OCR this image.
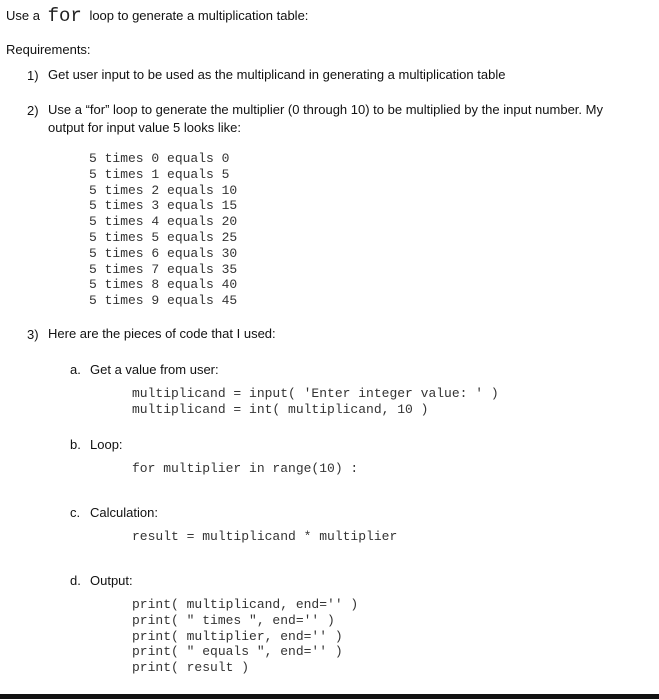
Use a for loop to generate a multiplication table:
Requirements:
1) Get user input to be used as the multiplicand in generating a multiplication table
2) Use a “for” loop to generate the multiplier (0 through 10) to be multiplied by the input number. My
output for input value 5 looks like:
5 times 0 equals 0
5 times 1 equals 5
5 times 2 equals 10
5 times 3 equals 15
5 times 4 equals 20
5 times 5 equals 25
5 times 6 equals 30
5 times 7 equals 35
5 times 8 equals 40
5 times 9 equals 45
3) Here are the pieces of code that I used:
a. Get a value from user:
multiplicand = input( 'Enter integer value: ' )
multiplicand = int( multiplicand, 10 )
b. Loop:
for multiplier in range(10) :
c. Calculation:
result = multiplicand * multiplier
d. Output:
print( multiplicand, end='' )
print( " times ", end='' )
print( multiplier, end='' )
print( " equals ", end='' )
print( result )
